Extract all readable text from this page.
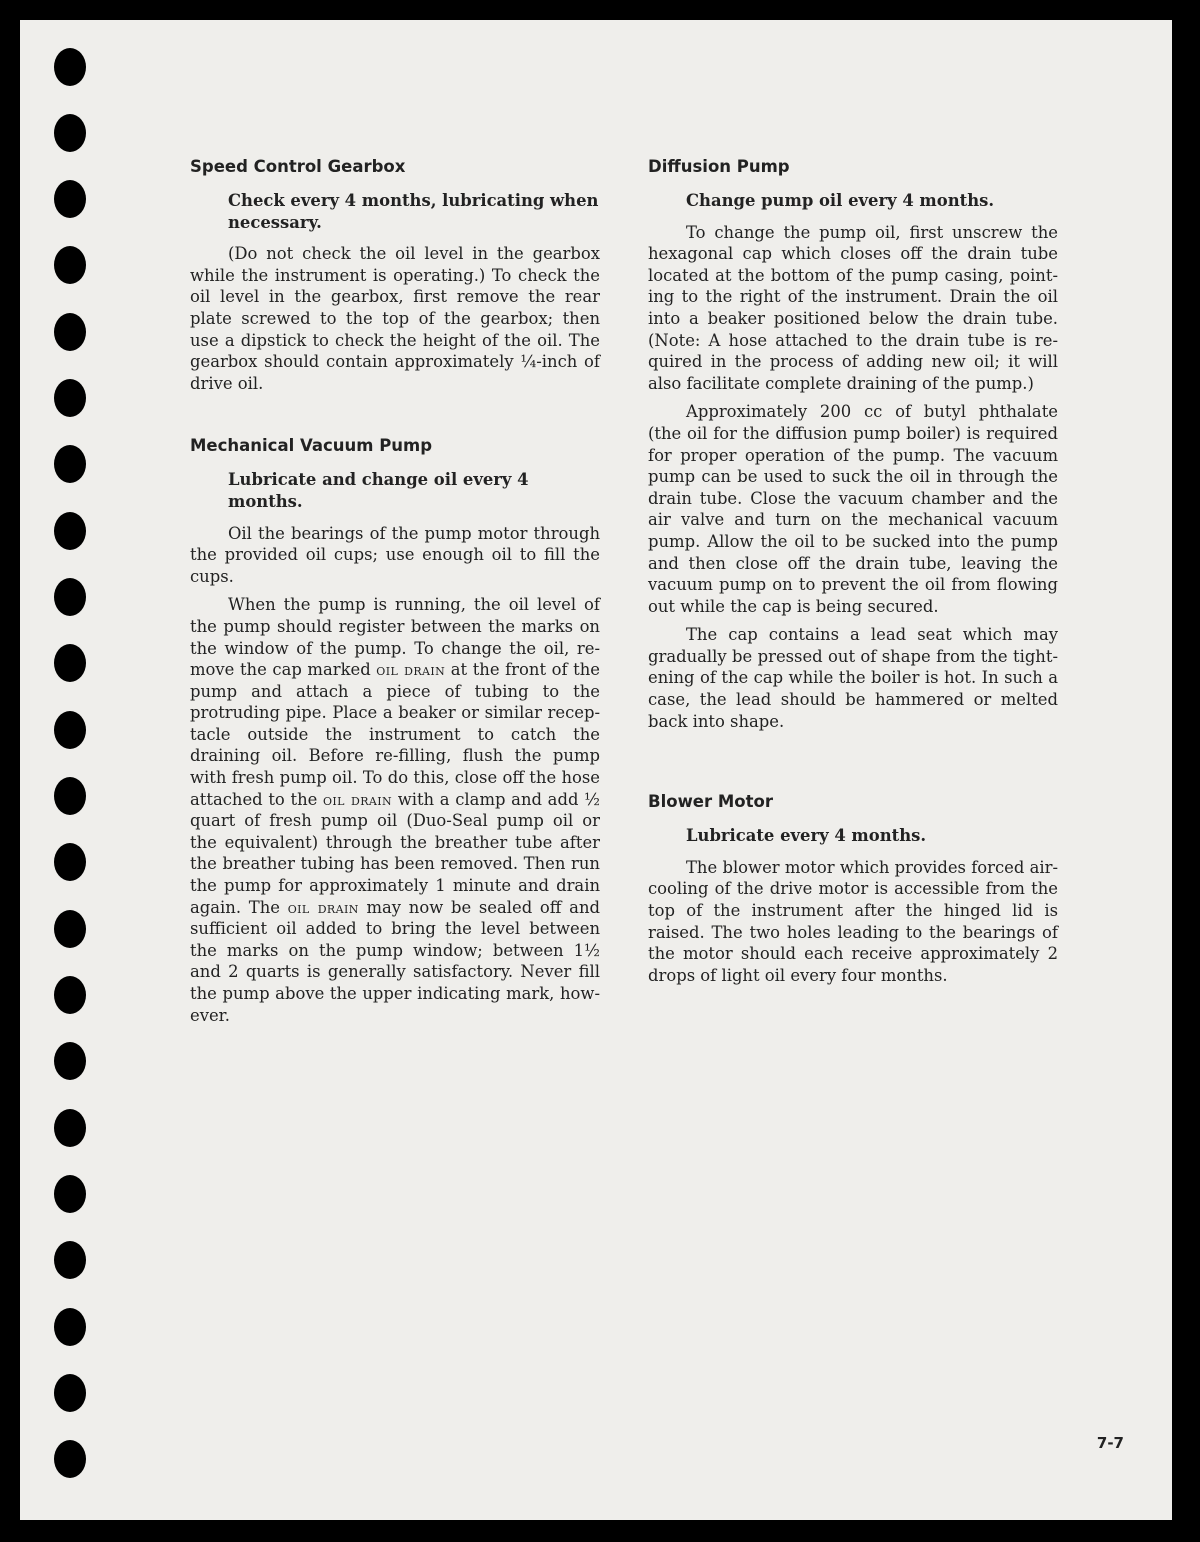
Speed Control Gearbox
Check every 4 months, lubricating when necessary.

(Do not check the oil level in the gearbox while the instrument is operating.) To check the oil level in the gearbox, first remove the rear plate screwed to the top of the gearbox; then use a dipstick to check the height of the oil. The gearbox should contain approximately ¼-inch of drive oil.

Mechanical Vacuum Pump
Lubricate and change oil every 4 months.

Oil the bearings of the pump motor through the provided oil cups; use enough oil to fill the cups.

When the pump is running, the oil level of the pump should register between the marks on the window of the pump. To change the oil, remove the cap marked oil drain at the front of the pump and attach a piece of tubing to the protruding pipe. Place a beaker or similar receptacle outside the instrument to catch the draining oil. Before re-filling, flush the pump with fresh pump oil. To do this, close off the hose attached to the oil drain with a clamp and add ½ quart of fresh pump oil (Duo-Seal pump oil or the equivalent) through the breather tube after the breather tubing has been removed. Then run the pump for approximately 1 minute and drain again. The oil drain may now be sealed off and sufficient oil added to bring the level between the marks on the pump window; between 1½ and 2 quarts is generally satisfactory. Never fill the pump above the upper indicating mark, however.

Diffusion Pump
Change pump oil every 4 months.

To change the pump oil, first unscrew the hexagonal cap which closes off the drain tube located at the bottom of the pump casing, pointing to the right of the instrument. Drain the oil into a beaker positioned below the drain tube. (Note: A hose attached to the drain tube is required in the process of adding new oil; it will also facilitate complete draining of the pump.)

Approximately 200 cc of butyl phthalate (the oil for the diffusion pump boiler) is required for proper operation of the pump. The vacuum pump can be used to suck the oil in through the drain tube. Close the vacuum chamber and the air valve and turn on the mechanical vacuum pump. Allow the oil to be sucked into the pump and then close off the drain tube, leaving the vacuum pump on to prevent the oil from flowing out while the cap is being secured.

The cap contains a lead seat which may gradually be pressed out of shape from the tightening of the cap while the boiler is hot. In such a case, the lead should be hammered or melted back into shape.

Blower Motor
Lubricate every 4 months.

The blower motor which provides forced air-cooling of the drive motor is accessible from the top of the instrument after the hinged lid is raised. The two holes leading to the bearings of the motor should each receive approximately 2 drops of light oil every four months.

7-7
